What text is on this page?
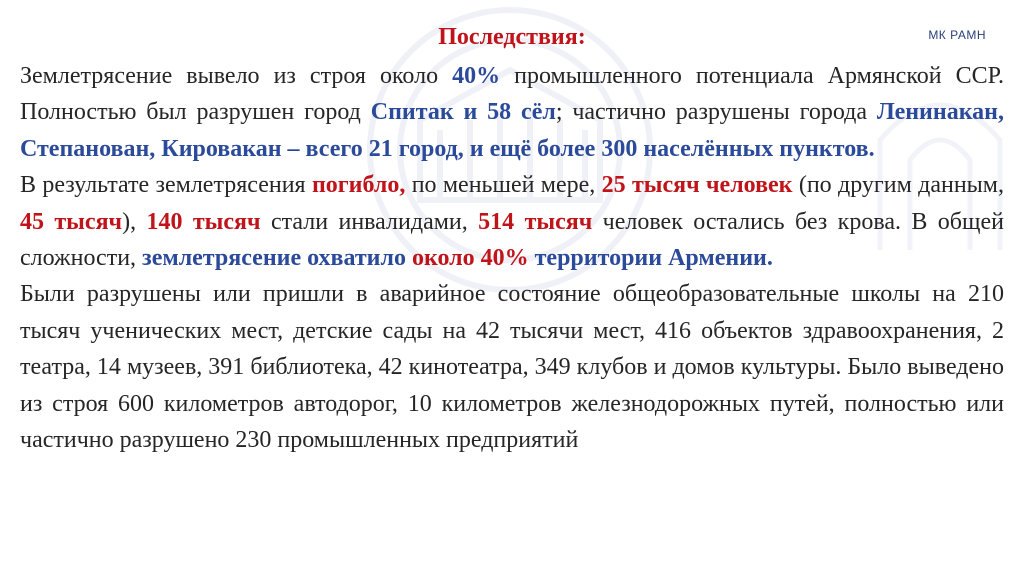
МК РАМН
Последствия:

Землетрясение вывело из строя около 40% промышленного потенциала Армянской ССР. Полностью был разрушен город Спитак и 58 сёл; частично разрушены города Ленинакан, Степанован, Кировакан – всего 21 город, и ещё более 300 населённых пунктов.

В результате землетрясения погибло, по меньшей мере, 25 тысяч человек (по другим данным, 45 тысяч), 140 тысяч стали инвалидами, 514 тысяч человек остались без крова. В общей сложности, землетрясение охватило около 40% территории Армении.

Были разрушены или пришли в аварийное состояние общеобразовательные школы на 210 тысяч ученических мест, детские сады на 42 тысячи мест, 416 объектов здравоохранения, 2 театра, 14 музеев, 391 библиотека, 42 кинотеатра, 349 клубов и домов культуры. Было выведено из строя 600 километров автодорог, 10 километров железнодорожных путей, полностью или частично разрушено 230 промышленных предприятий
